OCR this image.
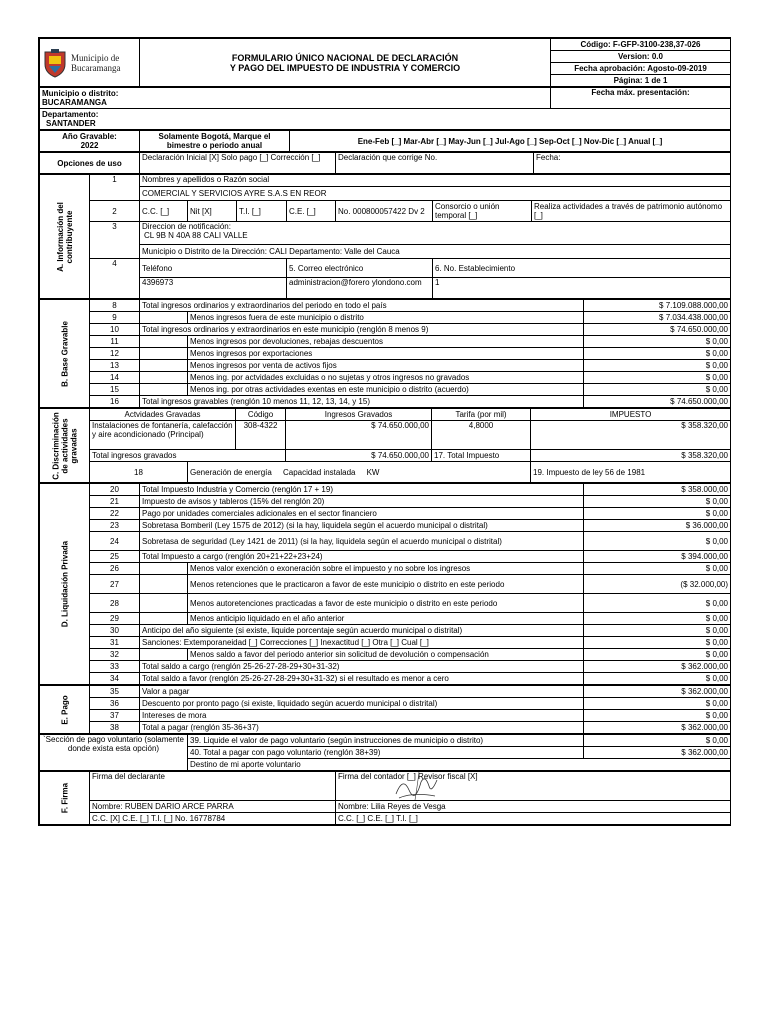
Municipio de
Bucaramanga

FORMULARIO ÚNICO NACIONAL DE DECLARACIÓN
Y PAGO DEL IMPUESTO DE INDUSTRIA Y COMERCIO
	Código: F-GFP-3100-238,37-026
Version: 0.0
Fecha aprobación: Agosto-09-2019
Página: 1 de 1
Municipio o distrito:
BUCARAMANGA
	Fecha máx. presentación:

Departamento:
SANTANDER
Año Gravable:
2022
	Solamente Bogotá, Marque el bimestre o periodo anual	Ene-Feb [_] Mar-Abr [_] May-Jun [_] Jul-Ago [_] Sep-Oct [_] Nov-Dic [_] Anual [_]
Opciones de uso	Declaración Inicial [X] Solo pago [_] Corrección [_]	Declaración que corrige No.	Fecha:
A. Información del contribuyente	1	Nombres y apellidos o Razón social							
		COMERCIAL Y SERVICIOS AYRE S.A.S EN REOR							
	2	C.C. [_]	Nit [X]	T.I. [_]	C.E. [_]	No. 000800057422 Dv 2	Consorcio o unión temporal [_]	Realiza actividades a través de patrimonio autónomo [_]	
	3	Direccion de notificación:
CL 9B N 40A 88 CALI VALLE							

		Municipio o Distrito de la Dirección: CALI Departamento: Valle del Cauca							
	4	Teléfono			5. Correo electrónico		6. No. Establecimiento	
		4396973			administracion@forero ylondono.com		1	

B. Base Gravable	8	Total ingresos ordinarios y extraordinarios del periodo en todo el país		$ 7.109.088.000,00
	9		Menos ingresos fuera de este municipio o distrito	$ 7.034.438.000,00
	10	Total ingresos ordinarios y extraordinarios en este municipio (renglón 8 menos 9)		$ 74.650.000,00
	11		Menos ingresos por devoluciones, rebajas descuentos	$ 0,00
	12		Menos ingresos por exportaciones	$ 0,00
	13		Menos ingresos por venta de activos fijos	$ 0,00
	14		Menos ing. por actvidades excluidas o no sujetas y otros ingresos no gravados	$ 0,00
	15		Menos ing. por otras actividades exentas en este municipio o distrito (acuerdo)	$ 0,00
	16	Total ingresos gravables (renglón 10 menos 11, 12, 13, 14, y 15)		$ 74.650.000,00
C. Discriminación de actividades gravadas	Actvidades Gravadas		Código	Ingresos Gravados	Tarifa (por mil)	IMPUESTO	
	Instalaciones de fontanería, calefacción y aire acondicionado (Principal)		308-4322	$ 74.650.000,00	4,8000	$ 358.320,00	
	Total ingresos gravados			$ 74.650.000,00	17. Total Impuesto	$ 358.320,00	
	18	Generación de energía Capacidad instalada KW				19. Impuesto de ley 56 de 1981	
D. Liquidación Privada	20	Total Impuesto Industria y Comercio (renglón 17 + 19)		$ 358.000,00
	21	Impuesto de avisos y tableros (15% del renglón 20)		$ 0,00
	22	Pago por unidades comerciales adicionales en el sector financiero		$ 0,00
	23	Sobretasa Bomberil (Ley 1575 de 2012) (si la hay, liquidela según el acuerdo municipal o distrital)		$ 36.000,00
	24	Sobretasa de seguridad (Ley 1421 de 2011) (si la hay, liquidela según el acuerdo municipal o distrital)		$ 0,00
	25	Total Impuesto a cargo (renglón 20+21+22+23+24)		$ 394.000,00
	26		Menos valor exención o exoneración sobre el impuesto y no sobre los ingresos	$ 0,00
	27		Menos retenciones que le practicaron a favor de este municipio o distrito en este periodo	($ 32.000,00)
	28		Menos autoretenciones practicadas a favor de este municipio o distrito en este periodo	$ 0,00
	29		Menos anticipio liquidado en el año anterior	$ 0,00
	30	Anticipo del año siguiente (si existe, liquide porcentaje según acuerdo municipal o distrital)		$ 0,00
	31	Sanciones: Extemporaneidad [_] Correcciones [_] Inexactitud [_] Otra [_] Cual [_]		$ 0,00
	32		Menos saldo a favor del periodo anterior sin solicitud de devolución o compensación	$ 0,00
	33	Total saldo a cargo (renglón 25-26-27-28-29+30+31-32)		$ 362.000,00
	34	Total saldo a favor (renglón 25-26-27-28-29+30+31-32) si el resultado es menor a cero		$ 0,00
E. Pago	35	Valor a pagar	$ 362.000,00
	36	Descuento por pronto pago (si existe, liquidado según acuerdo municipal o distrital)	$ 0,00
	37	Intereses de mora	$ 0,00
	38	Total a pagar (renglón 35-36+37)	$ 362.000,00
`Sección de pago voluntario (solamente donde exista esta opción)	39. Liquide el valor de pago voluntario (según instrucciones de municipio o distrito)	$ 0,00
	40. Total a pagar con pago voluntario (renglón 38+39)	$ 362.000,00
	Destino de mi aporte voluntario	
F. Firma	Firma del declarante	Firma del contador [_] Revisor fiscal [X]

	Nombre: RUBEN DARIO ARCE PARRA	Nombre: Lilia Reyes de Vesga
	C.C. [X] C.E. [_] T.I. [_] No. 16778784	C.C. [_] C.E. [_] T.I. [_]
